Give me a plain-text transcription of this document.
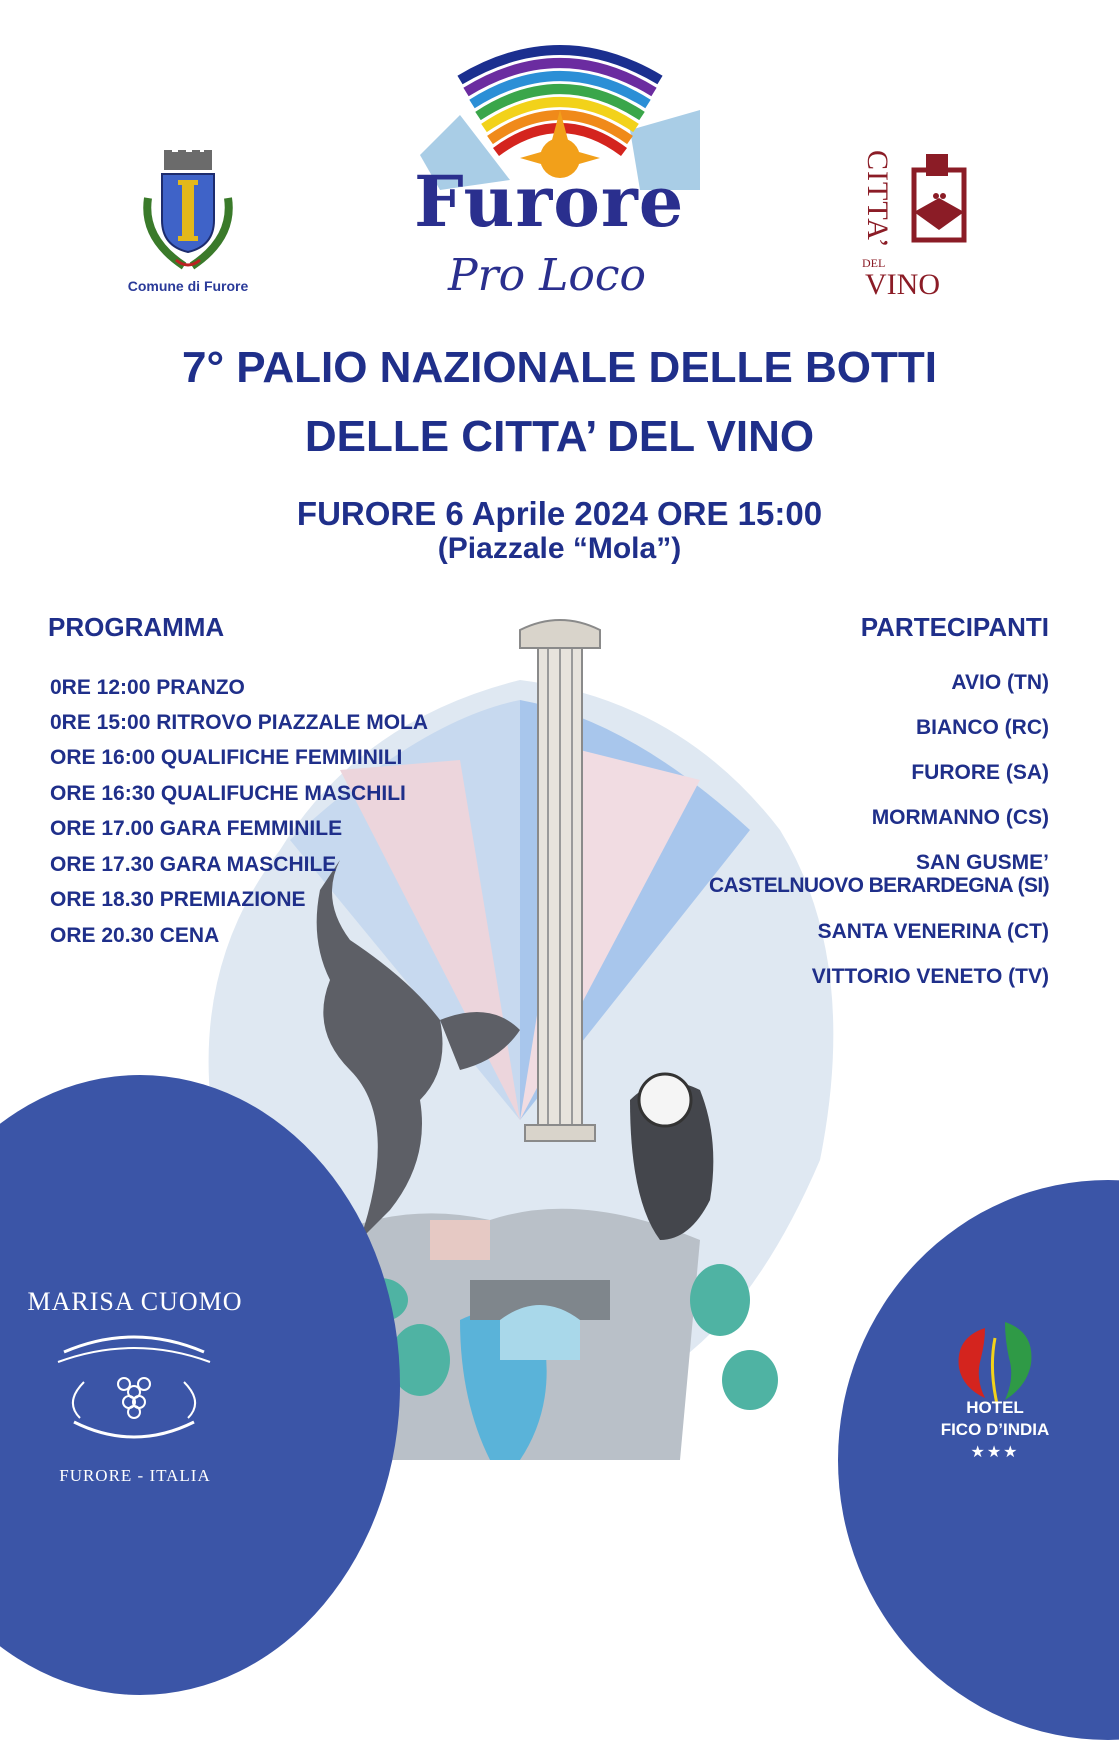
Comune di Furore
Furore
Pro Loco
CITTA’
DEL
VINO
7° PALIO NAZIONALE DELLE BOTTI
DELLE CITTA’ DEL VINO
FURORE 6 Aprile 2024 ORE 15:00
(Piazzale “Mola”)
PROGRAMMA
0RE 12:00 PRANZO
0RE 15:00 RITROVO PIAZZALE MOLA
ORE 16:00 QUALIFICHE FEMMINILI
ORE 16:30 QUALIFUCHE MASCHILI
ORE 17.00 GARA FEMMINILE
ORE 17.30 GARA MASCHILE
ORE 18.30 PREMIAZIONE
ORE 20.30 CENA
PARTECIPANTI
AVIO (TN)
BIANCO (RC)
FURORE (SA)
MORMANNO (CS)
SAN GUSME’
CASTELNUOVO BERARDEGNA (SI)
SANTA VENERINA (CT)
VITTORIO VENETO (TV)
MARISA CUOMO
FURORE - ITALIA
HOTEL
FICO D’INDIA
★★★
